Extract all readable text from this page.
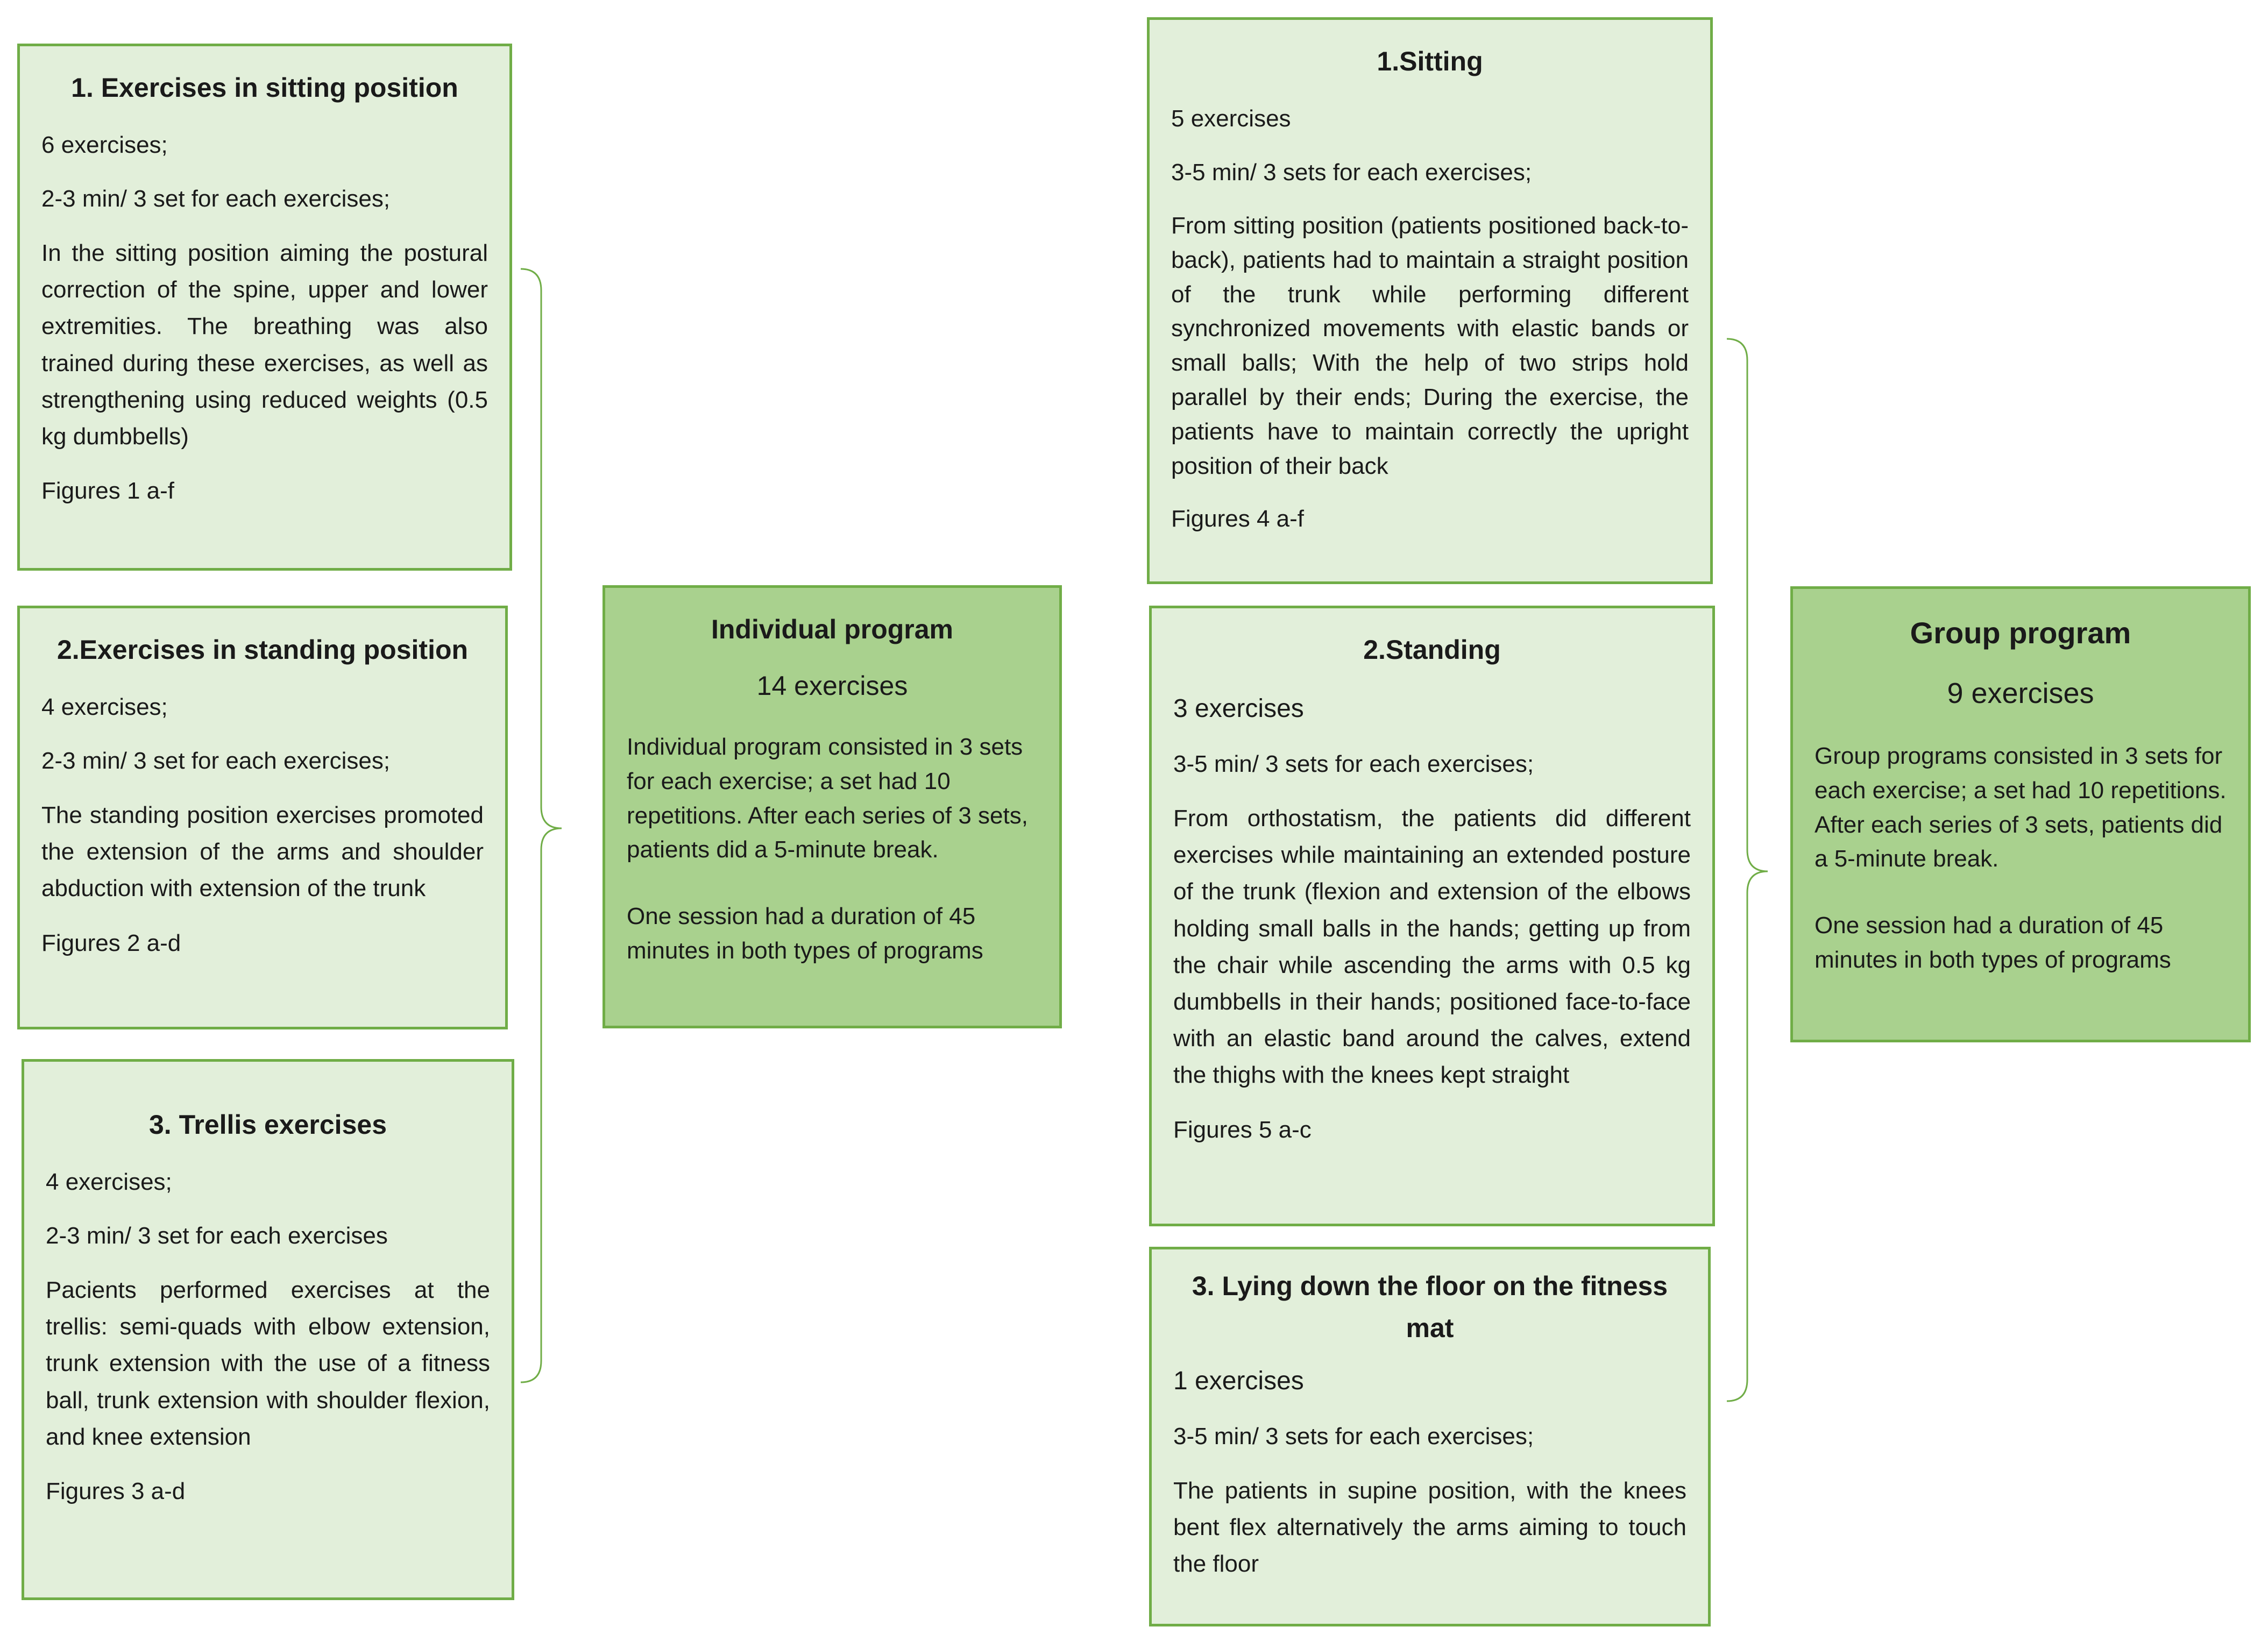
1. Exercises in sitting position

6 exercises;

2-3 min/ 3 set for each exercises;

In the sitting position aiming the postural correction of the spine, upper and lower extremities. The breathing was also trained during these exercises, as well as strengthening using reduced weights (0.5 kg dumbbells)

Figures 1 a-f

2.Exercises in standing position

4 exercises;

2-3 min/ 3 set for each exercises;

The standing position exercises promoted the extension of the arms and shoulder abduction with extension of the trunk

Figures 2 a-d

3. Trellis exercises

4 exercises;

2-3 min/ 3 set for each exercises

Pacients performed exercises at the trellis: semi-quads with elbow extension, trunk extension with the use of a fitness ball, trunk extension with shoulder flexion, and knee extension

Figures 3 a-d

Individual program

14 exercises

Individual program consisted in 3 sets for each exercise; a set had 10 repetitions. After each series of 3 sets, patients did a 5-minute break.

One session had a duration of 45 minutes in both types of programs

1.Sitting

5 exercises

3-5 min/ 3 sets for each exercises;

From sitting position (patients positioned back-to-back), patients had to maintain a straight position of the trunk while performing different synchronized movements with elastic bands or small balls; With the help of two strips hold parallel by their ends; During the exercise, the patients have to maintain correctly the upright position of their back

Figures 4 a-f

2.Standing

3 exercises

3-5 min/ 3 sets for each exercises;

From orthostatism, the patients did different exercises while maintaining an extended posture of the trunk (flexion and extension of the elbows holding small balls in the hands; getting up from the chair while ascending the arms with 0.5 kg dumbbells in their hands; positioned face-to-face with an elastic band around the calves, extend the thighs with the knees kept straight

Figures 5 a-c

3. Lying down the floor on the fitness mat

1 exercises

3-5 min/ 3 sets for each exercises;

The patients in supine position, with the knees bent flex alternatively the arms aiming to touch the floor

Group program

9 exercises

Group programs consisted in 3 sets for each exercise; a set had 10 repetitions. After each series of 3 sets, patients did a 5-minute break.

One session had a duration of 45 minutes in both types of programs
